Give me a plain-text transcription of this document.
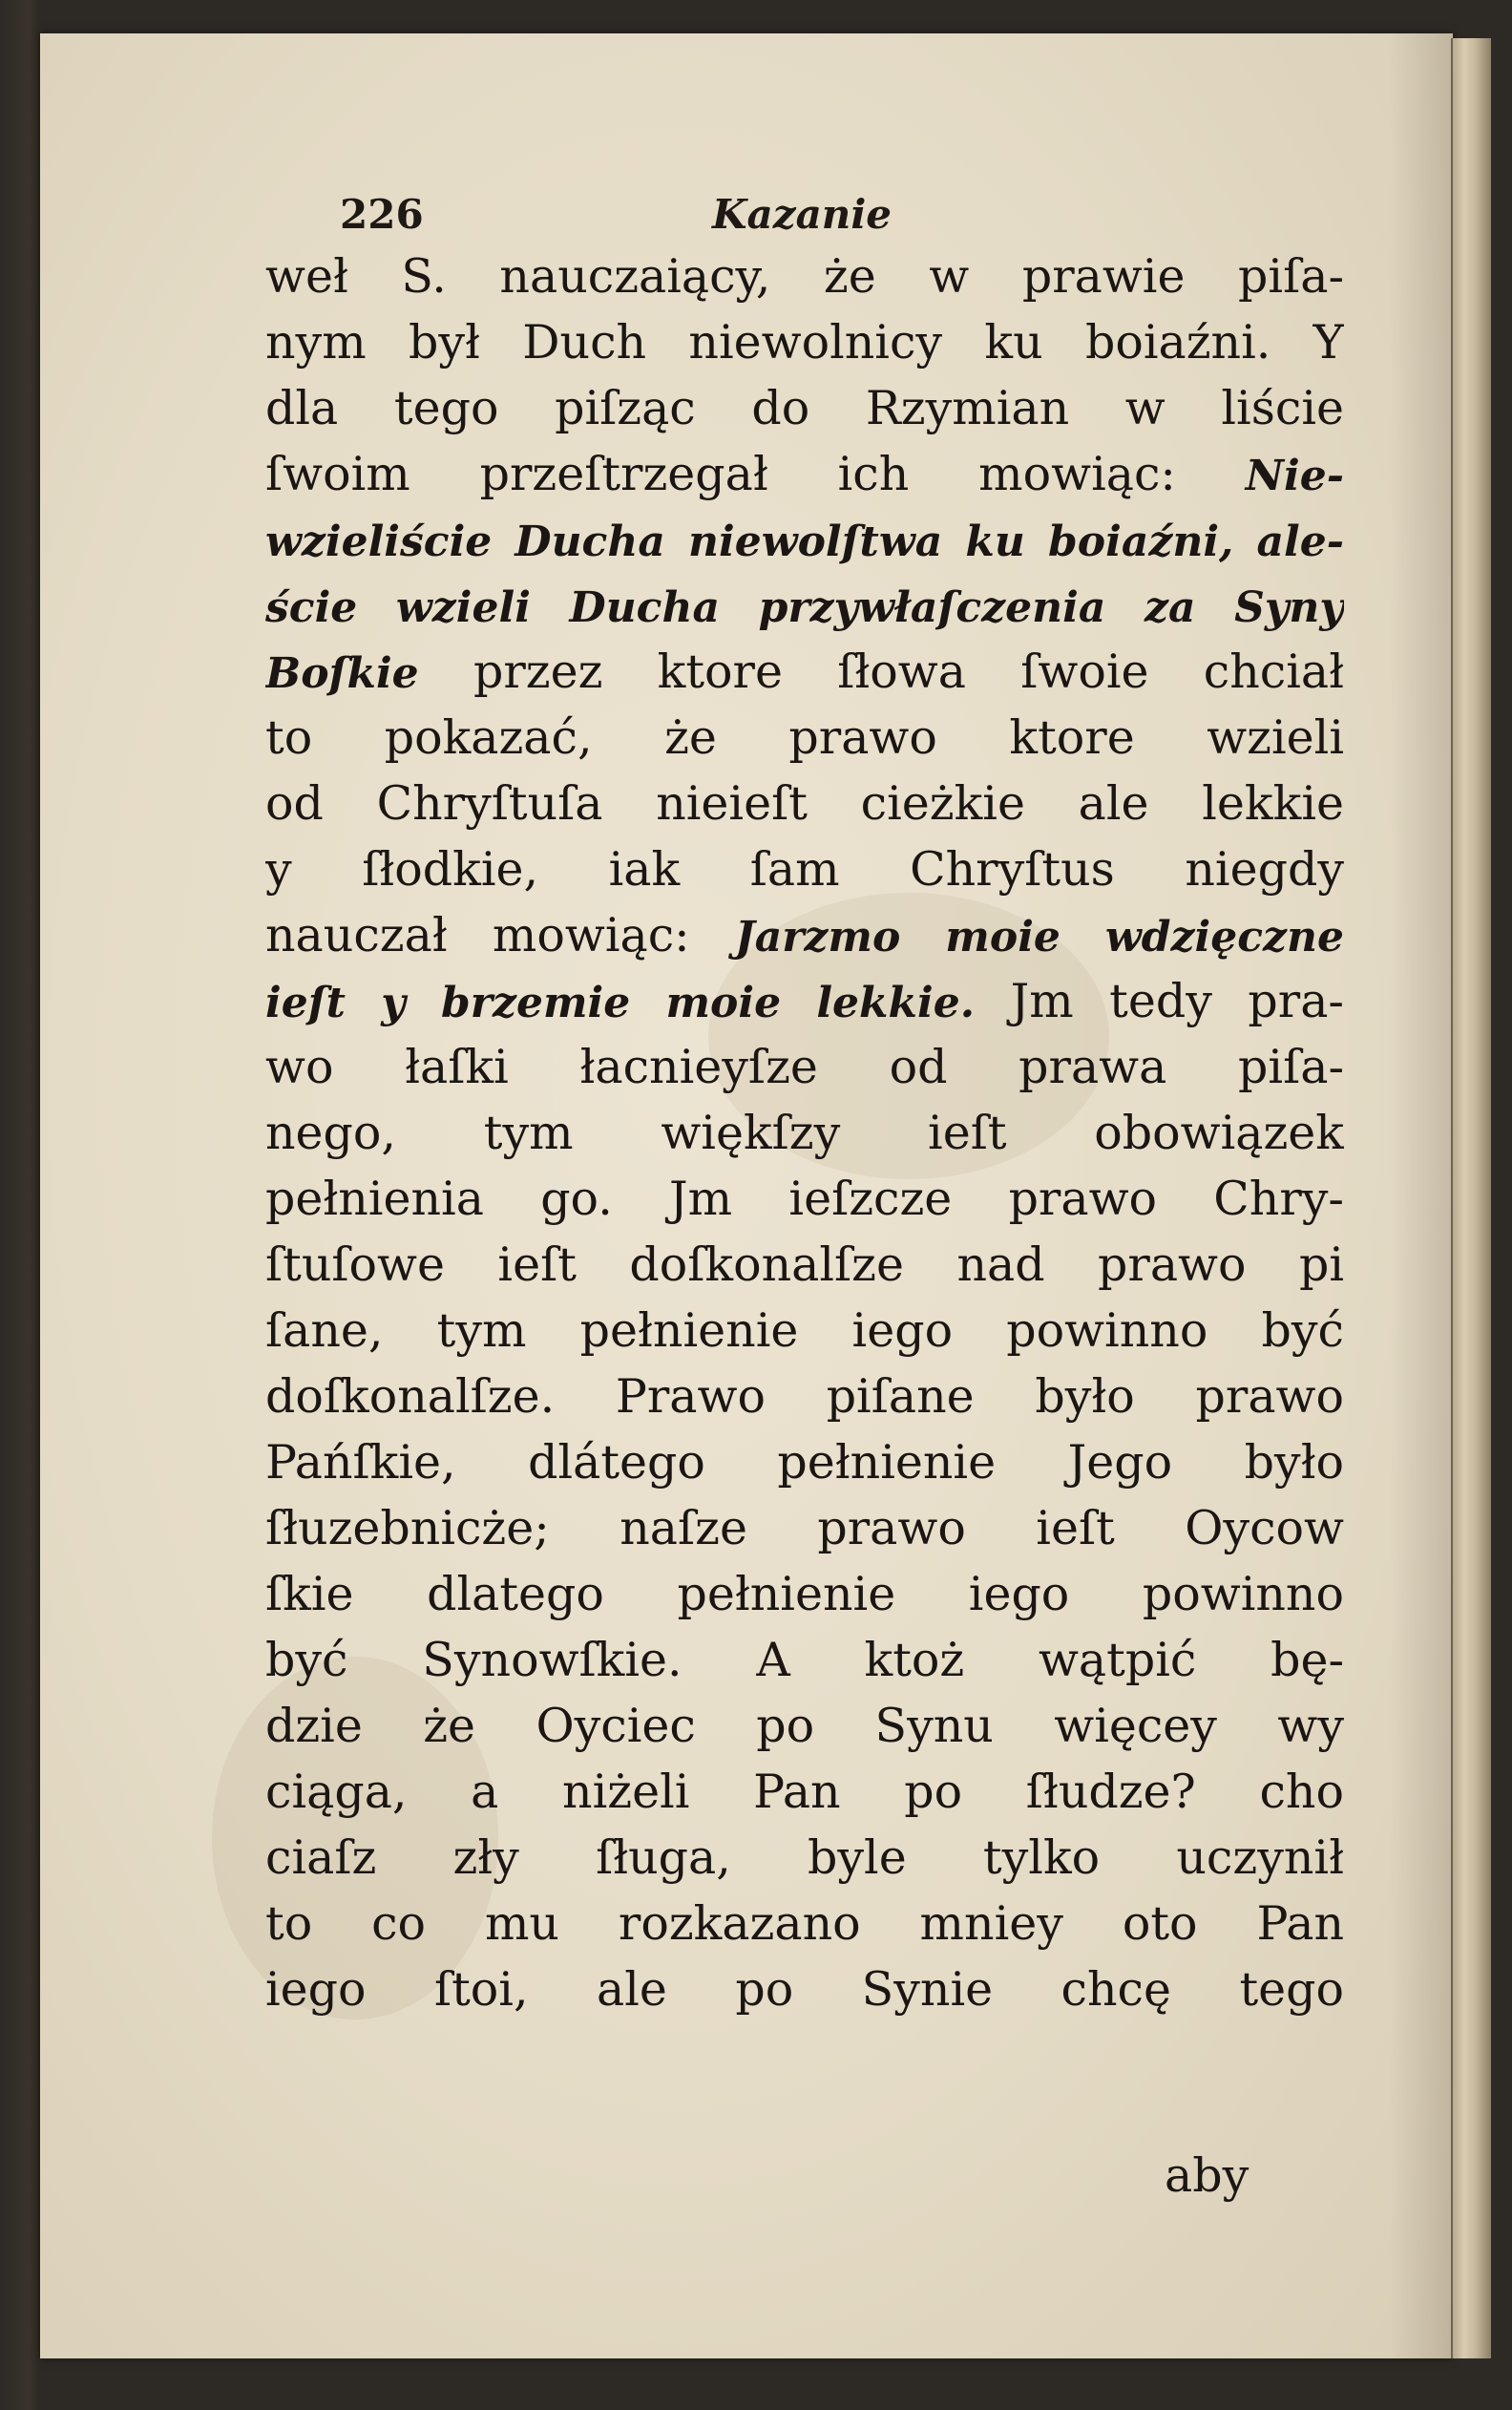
226	Kazanie
weł S. nauczaiący, że w prawie piſa-
nym był Duch niewolnicy ku boiaźni. Y
dla tego piſząc do Rzymian w liście
ſwoim przeſtrzegał ich mowiąc: Nie-
wzieliście Ducha niewolſtwa ku boiaźni, ale-
ście wzieli Ducha przywłaſczenia za Syny
Boſkie przez ktore ſłowa ſwoie chciał
to pokazać, że prawo ktore wzieli
od Chryſtuſa nieieſt cieżkie ale lekkie
y ſłodkie, iak ſam Chryſtus niegdy
nauczał mowiąc: Jarzmo moie wdzięczne
ieſt y brzemie moie lekkie. Jm tedy pra-
wo łaſki łacnieyſze od prawa piſa-
nego, tym więkſzy ieſt obowiązek
pełnienia go. Jm ieſzcze prawo Chry-
ſtuſowe ieſt doſkonalſze nad prawo pi
ſane, tym pełnienie iego powinno być
doſkonalſze. Prawo piſane było prawo
Pańſkie, dlátego pełnienie Jego było
ſłuzebnicże; naſze prawo ieſt Oycow
ſkie dlatego pełnienie iego powinno
być Synowſkie. A ktoż wątpić bę-
dzie że Oyciec po Synu więcey wy
ciąga, a niżeli Pan po ſłudze? cho
ciaſz zły ſługa, byle tylko uczynił
to co mu rozkazano mniey oto Pan
iego ſtoi, ale po Synie chcę tego
aby
